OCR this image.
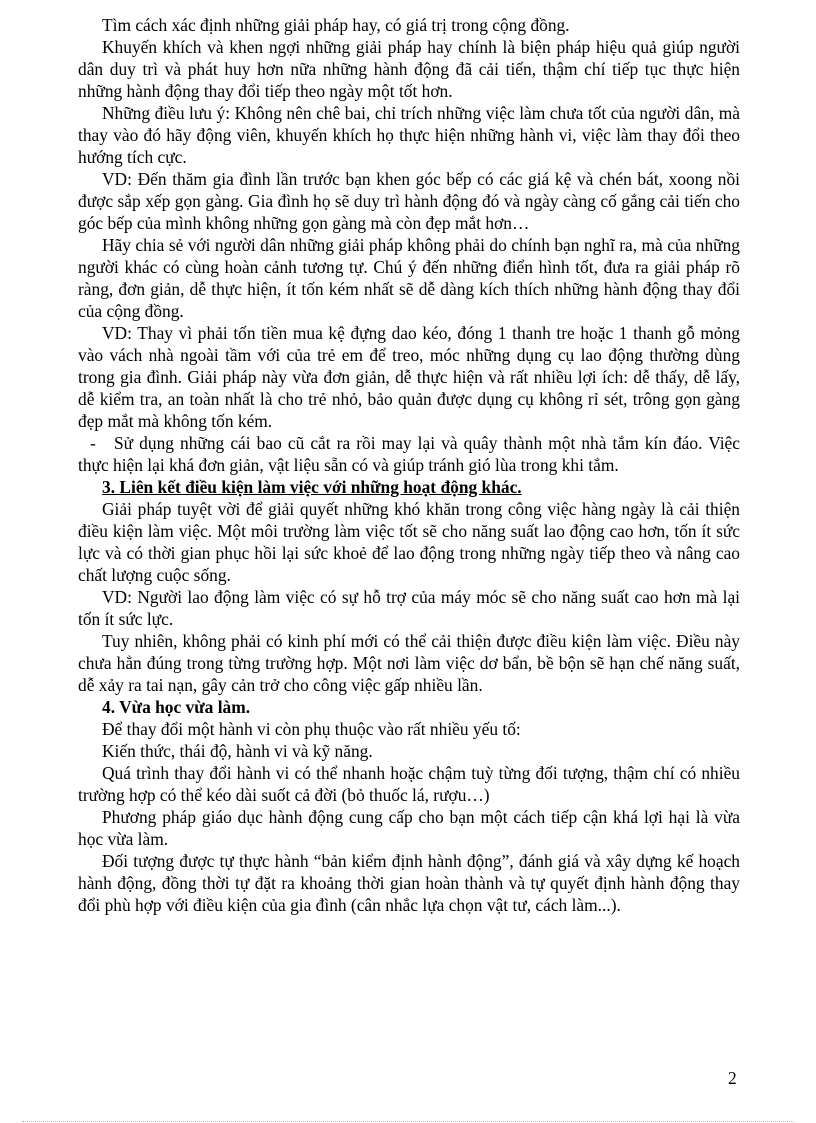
Tìm cách xác định những giải pháp hay, có giá trị trong cộng đồng.

Khuyến khích và khen ngợi những giải pháp hay chính là biện pháp hiệu quả giúp người dân duy trì và phát huy hơn nữa những hành động đã cải tiến, thậm chí tiếp tục thực hiện những hành động thay đổi tiếp theo ngày một tốt hơn.

Những điều lưu ý: Không nên chê bai, chỉ trích những việc làm chưa tốt của người dân, mà thay vào đó hãy động viên, khuyến khích họ thực hiện những hành vi, việc làm thay đổi theo hướng tích cực.

VD: Đến thăm gia đình lần trước bạn khen góc bếp có các giá kệ và chén bát, xoong nồi được sắp xếp gọn gàng. Gia đình họ sẽ duy trì hành động đó và ngày càng cố gắng cải tiến cho góc bếp của mình không những gọn gàng mà còn đẹp mắt hơn…

Hãy chia sẻ với người dân những giải pháp không phải do chính bạn nghĩ ra, mà của những người khác có cùng hoàn cảnh tương tự. Chú ý đến những điển hình tốt, đưa ra giải pháp rõ ràng, đơn giản, dễ thực hiện, ít tốn kém nhất sẽ dễ dàng kích thích những hành động thay đổi của cộng đồng.

VD: Thay vì phải tốn tiền mua kệ đựng dao kéo, đóng 1 thanh tre hoặc 1 thanh gỗ mỏng vào vách nhà ngoài tầm với của trẻ em để treo, móc những dụng cụ lao động thường dùng trong gia đình. Giải pháp này vừa đơn giản, dễ thực hiện và rất nhiều lợi ích: dễ thấy, dễ lấy, dễ kiểm tra, an toàn nhất là cho trẻ nhỏ, bảo quản được dụng cụ không rỉ sét, trông gọn gàng đẹp mắt mà không tốn kém.

- Sử dụng những cái bao cũ cắt ra rồi may lại và quây thành một nhà tắm kín đáo. Việc thực hiện lại khá đơn giản, vật liệu sẵn có và giúp tránh gió lùa trong khi tắm.

3. Liên kết điều kiện làm việc với những hoạt động khác.

Giải pháp tuyệt vời để giải quyết những khó khăn trong công việc hàng ngày là cải thiện điều kiện làm việc. Một môi trường làm việc tốt sẽ cho năng suất lao động cao hơn, tốn ít sức lực và có thời gian phục hồi lại sức khoẻ để lao động trong những ngày tiếp theo và nâng cao chất lượng cuộc sống.

VD: Người lao động làm việc có sự hỗ trợ của máy móc sẽ cho năng suất cao hơn mà lại tốn ít sức lực.

Tuy nhiên, không phải có kinh phí mới có thể cải thiện được điều kiện làm việc. Điều này chưa hẳn đúng trong từng trường hợp. Một nơi làm việc dơ bẩn, bề bộn sẽ hạn chế năng suất, dễ xảy ra tai nạn, gây cản trở cho công việc gấp nhiều lần.

4. Vừa học vừa làm.

Để thay đổi một hành vi còn phụ thuộc vào rất nhiều yếu tố:

Kiến thức, thái độ, hành vi và kỹ năng.

Quá trình thay đổi hành vi có thể nhanh hoặc chậm tuỳ từng đối tượng, thậm chí có nhiều trường hợp có thể kéo dài suốt cả đời (bỏ thuốc lá, rượu…)

Phương pháp giáo dục hành động cung cấp cho bạn một cách tiếp cận khá lợi hại là vừa học vừa làm.

Đối tượng được tự thực hành “bản kiểm định hành động”, đánh giá và xây dựng kế hoạch hành động, đồng thời tự đặt ra khoảng thời gian hoàn thành và tự quyết định hành động thay đổi phù hợp với điều kiện của gia đình (cân nhắc lựa chọn vật tư, cách làm...).

2
